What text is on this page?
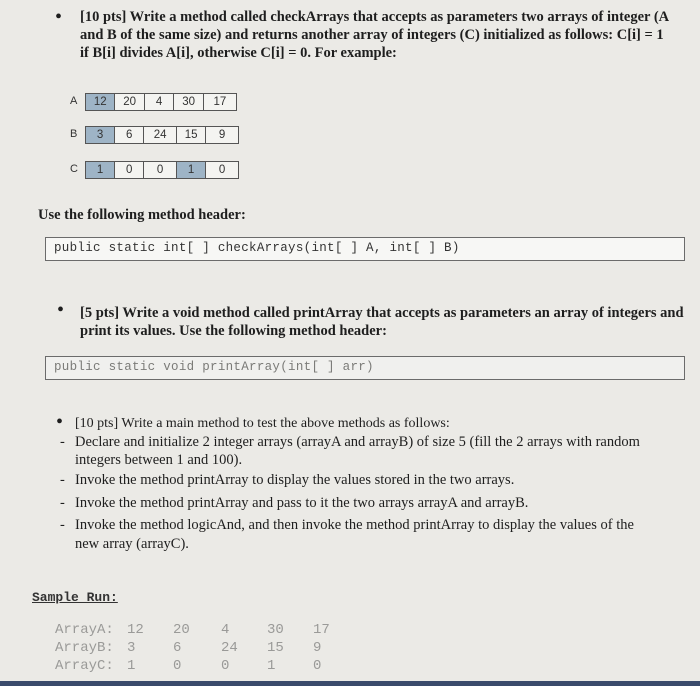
• [10 pts] Write a method called checkArrays that accepts as parameters two arrays of integer (A
and B of the same size) and returns another array of integers (C) initialized as follows: C[i] = 1
if B[i] divides A[i], otherwise C[i] = 0. For example:
A	12	20	4	30	17
B	3	6	24	15	9
C	1	0	0	1	0
Use the following method header:
public static int[ ] checkArrays(int[ ] A, int[ ] B)
• [5 pts] Write a void method called printArray that accepts as parameters an array of integers and
print its values. Use the following method header:
public static void printArray(int[ ] arr)
• [10 pts] Write a main method to test the above methods as follows:
- Declare and initialize 2 integer arrays (arrayA and arrayB) of size 5 (fill the 2 arrays with random
integers between 1 and 100).
- Invoke the method printArray to display the values stored in the two arrays.
- Invoke the method printArray and pass to it the two arrays arrayA and arrayB.
- Invoke the method logicAnd, and then invoke the method printArray to display the values of the
new array (arrayC).
Sample Run:
ArrayA: 12 20 4	30 17
ArrayB: 3	6	24 15 9
ArrayC: 1	0	0	1	0
